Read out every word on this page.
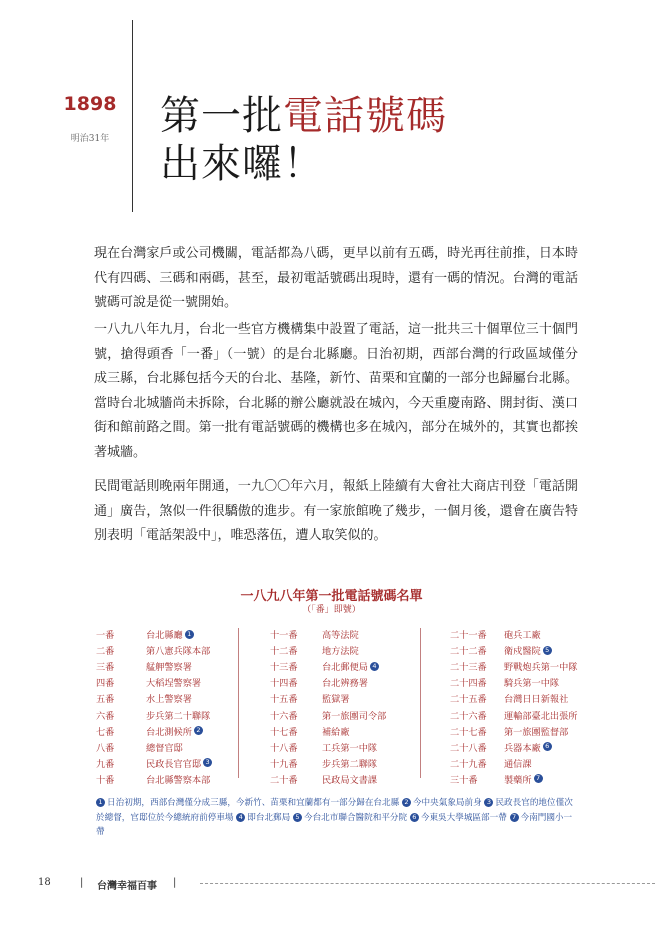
1898
明治31年 第一批電話號碼
出來囉！

現在台灣家戶或公司機關，電話都為八碼，更早以前有五碼，時光再往前推，日本時代有四碼、三碼和兩碼，甚至，最初電話號碼出現時，還有一碼的情況。台灣的電話號碼可說是從一號開始。

一八九八年九月，台北一些官方機構集中設置了電話，這一批共三十個單位三十個門號，搶得頭香「一番」（一號）的是台北縣廳。日治初期，西部台灣的行政區域僅分成三縣，台北縣包括今天的台北、基隆，新竹、苗栗和宜蘭的一部分也歸屬台北縣。當時台北城牆尚未拆除，台北縣的辦公廳就設在城內，今天重慶南路、開封街、漢口街和館前路之間。第一批有電話號碼的機構也多在城內，部分在城外的，其實也都挨著城牆。

民間電話則晚兩年開通，一九〇〇年六月，報紙上陸續有大會社大商店刊登「電話開通」廣告，煞似一件很驕傲的進步。有一家旅館晚了幾步，一個月後，還會在廣告特別表明「電話架設中」，唯恐落伍，遭人取笑似的。

一八九八年第一批電話號碼名單
（「番」即號）
一番	台北縣廳 1
二番	第八憲兵隊本部
三番	艋舺警察署
四番	大稻埕警察署
五番	水上警察署
六番	步兵第二十聯隊
七番	台北測候所 2
八番	總督官邸
九番	民政長官官邸 3
十番	台北縣警察本部
十一番	高等法院
十二番	地方法院
十三番	台北郵便局 4
十四番	台北辨務署
十五番	監獄署
十六番	第一旅團司令部
十七番	補給廠
十八番	工兵第一中隊
十九番	步兵第二聯隊
二十番	民政局文書課
二十一番	砲兵工廠
二十二番	衛戍醫院 5
二十三番	野戰炮兵第一中隊
二十四番	騎兵第一中隊
二十五番	台灣日日新報社
二十六番	運輸部臺北出張所
二十七番	第一旅團監督部
二十八番	兵器本廠 6
二十九番	通信課
三十番	製藥所 7

1 日治初期，西部台灣僅分成三縣，今新竹、苗栗和宜蘭都有一部分歸在台北縣 2 今中央氣象局前身 3 民政長官的地位僅次於總督，官邸位於今總統府前停車場 4 即台北郵局 5 今台北市聯合醫院和平分院 6 今東吳大學城區部一帶 7 今南門國小一帶

18	| 台灣幸福百事 |
